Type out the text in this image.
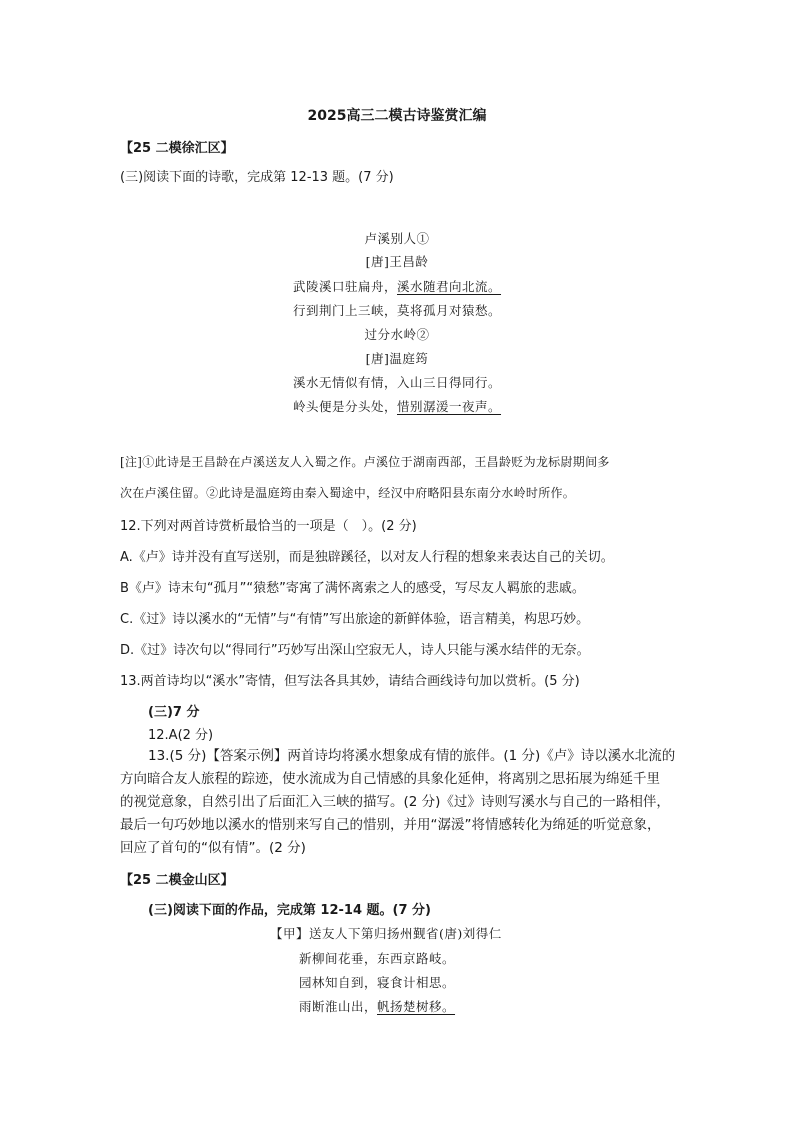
2025高三二模古诗鉴赏汇编
【25 二模徐汇区】
(三)阅读下面的诗歌，完成第 12-13 题。(7 分)
卢溪别人①
[唐]王昌龄
武陵溪口驻扁舟，溪水随君向北流。
行到荆门上三峡，莫将孤月对猿愁。
过分水岭②
[唐]温庭筠
溪水无情似有情，入山三日得同行。
岭头便是分头处，惜别潺湲一夜声。
[注]①此诗是王昌龄在卢溪送友人入蜀之作。卢溪位于湖南西部，王昌龄贬为龙标尉期间多
次在卢溪住留。②此诗是温庭筠由秦入蜀途中，经汉中府略阳县东南分水岭时所作。
12.下列对两首诗赏析最恰当的一项是（　）。(2 分)
A.《卢》诗并没有直写送别，而是独辟蹊径，以对友人行程的想象来表达自己的关切。
B《卢》诗末句“孤月”“猿愁”寄寓了满怀离索之人的感受，写尽友人羁旅的悲戚。
C.《过》诗以溪水的“无情”与“有情”写出旅途的新鲜体验，语言精美，构思巧妙。
D.《过》诗次句以“得同行”巧妙写出深山空寂无人，诗人只能与溪水结伴的无奈。
13.两首诗均以“溪水”寄情，但写法各具其妙，请结合画线诗句加以赏析。(5 分)
(三)7 分
12.A(2 分)
13.(5 分)【答案示例】两首诗均将溪水想象成有情的旅伴。(1 分)《卢》诗以溪水北流的
方向暗合友人旅程的踪迹，使水流成为自己情感的具象化延伸，将离别之思拓展为绵延千里
的视觉意象，自然引出了后面汇入三峡的描写。(2 分)《过》诗则写溪水与自己的一路相伴，
最后一句巧妙地以溪水的惜别来写自己的惜别，并用“潺湲”将情感转化为绵延的听觉意象，
回应了首句的“似有情”。(2 分)
【25 二模金山区】
(三)阅读下面的作品，完成第 12-14 题。(7 分)
【甲】送友人下第归扬州觐省(唐)刘得仁
新柳间花垂，东西京路岐。
园林知自到，寝食计相思。
雨断淮山出，帆扬楚树移。
